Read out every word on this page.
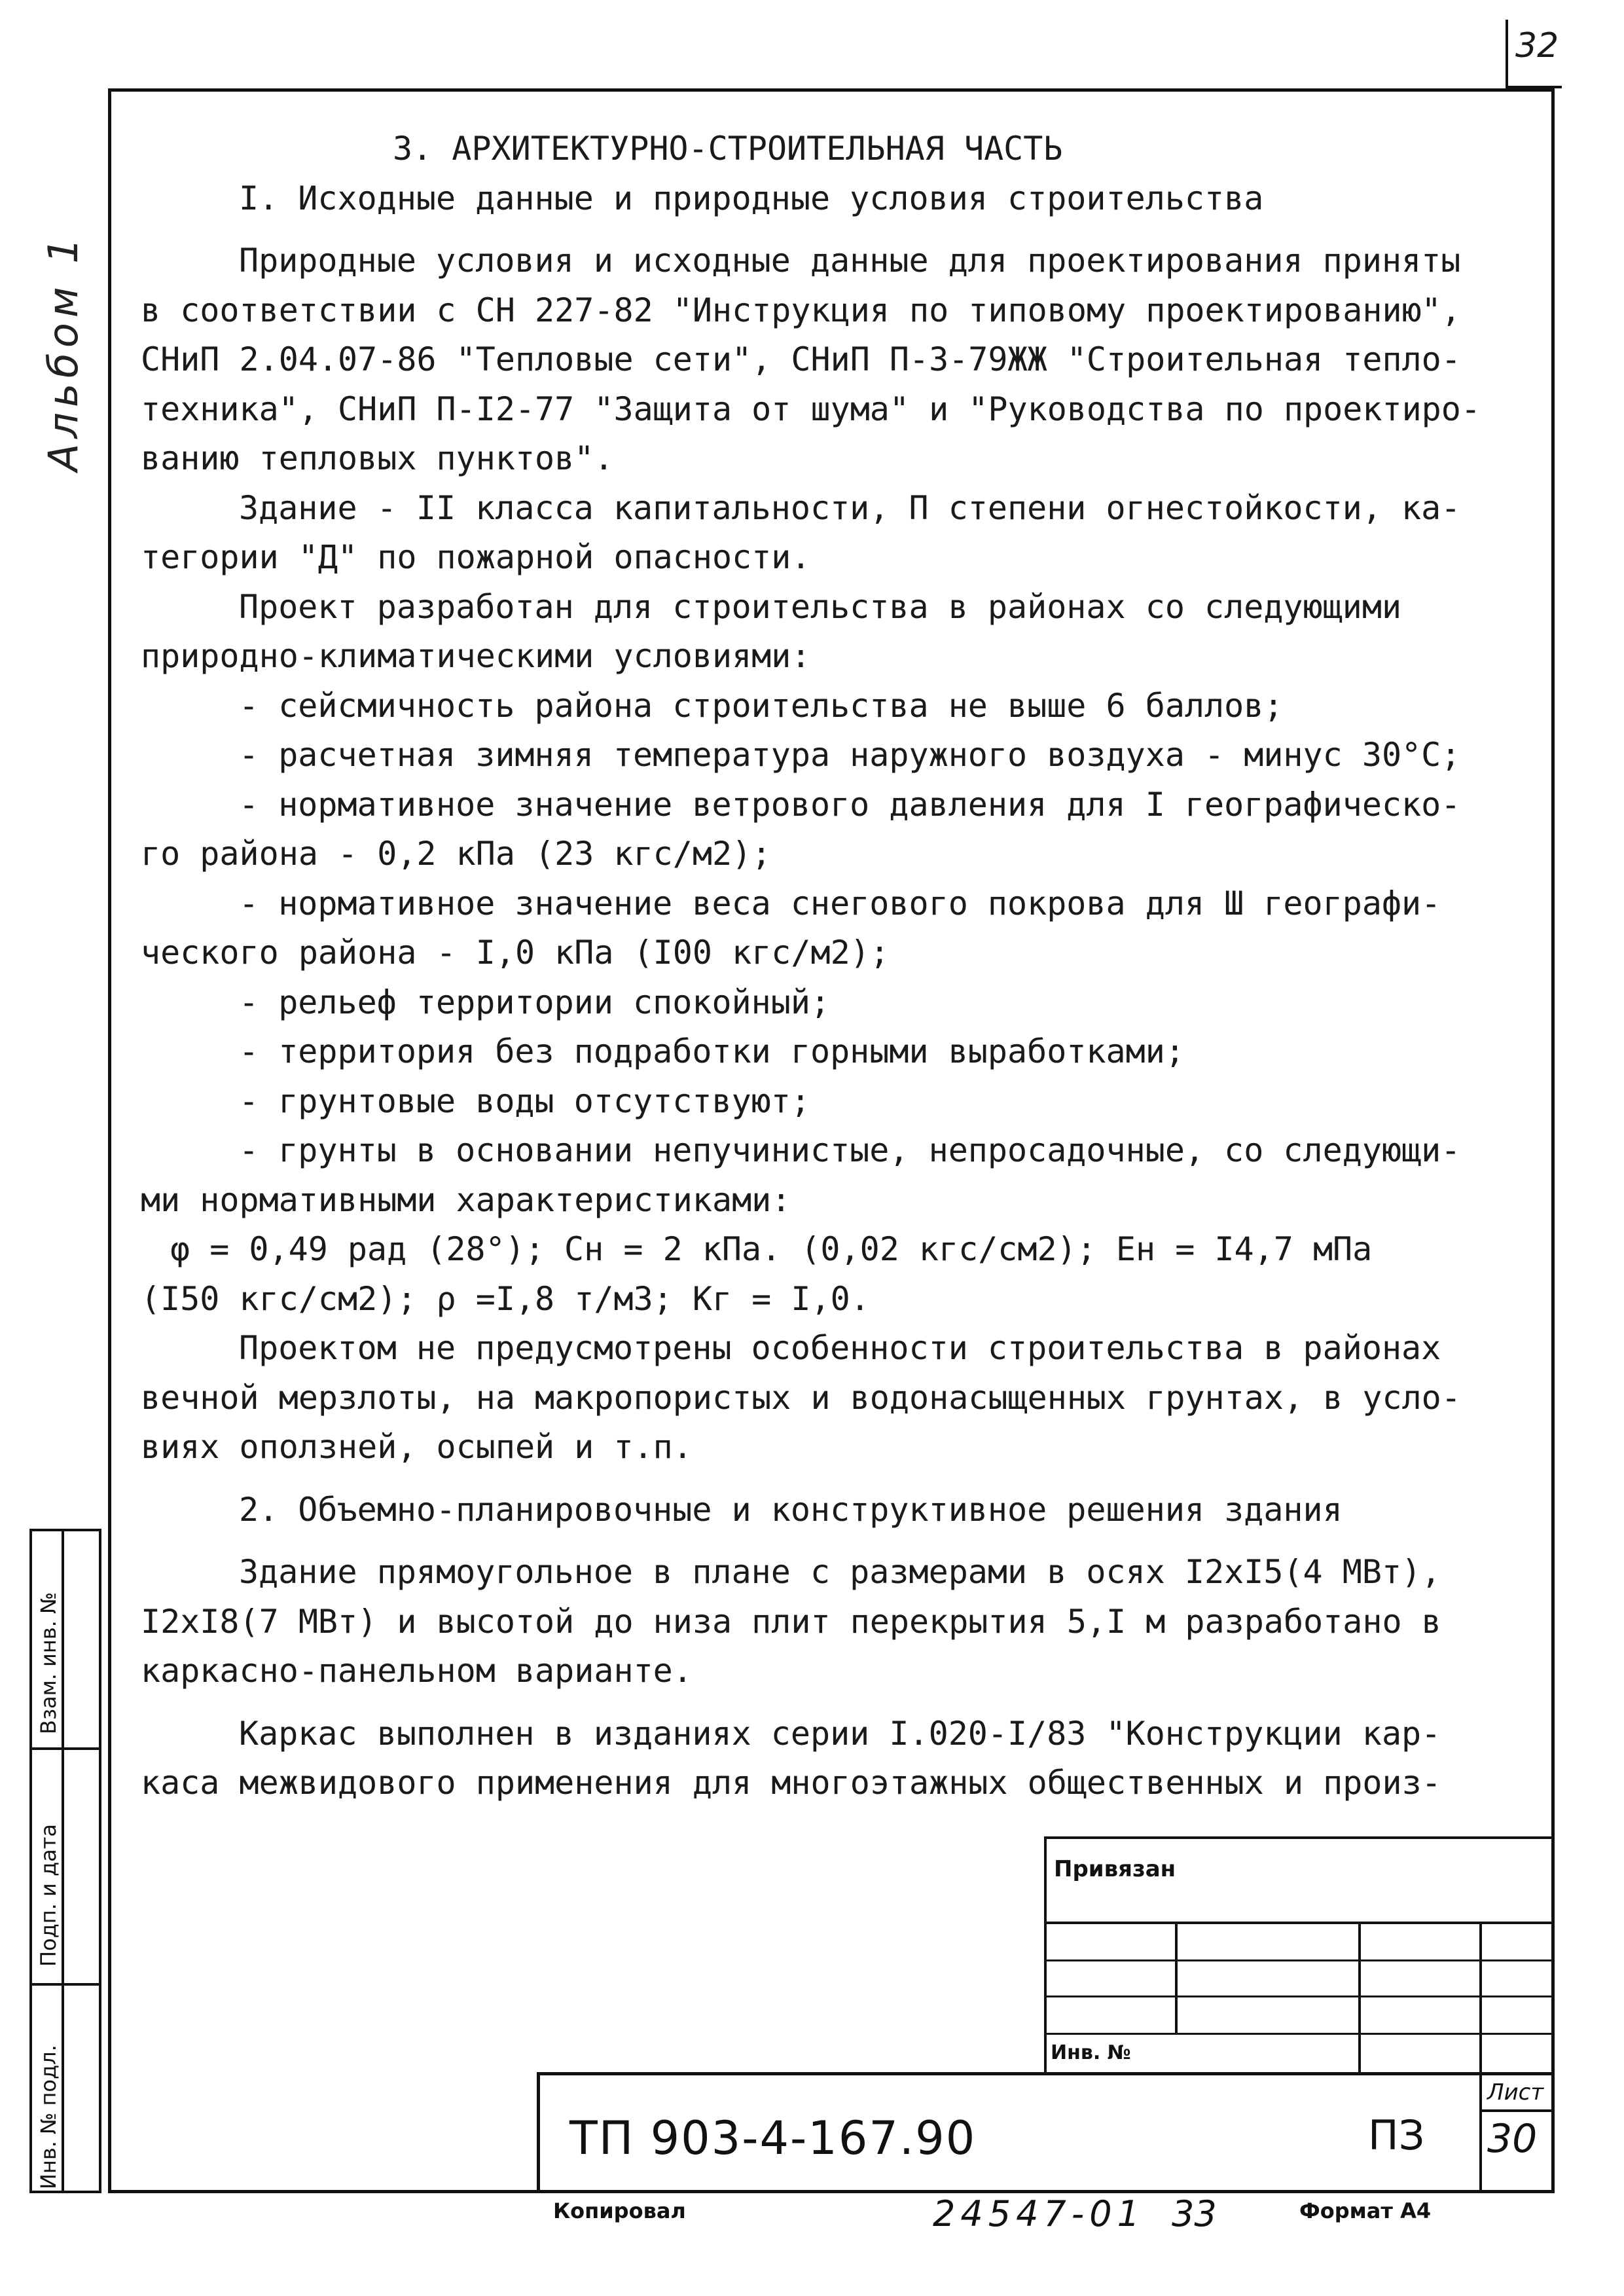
32
Альбом 1
Взам. инв. №
Подп. и дата
Инв. № подл.

3. АРХИТЕКТУРНО-СТРОИТЕЛЬНАЯ ЧАСТЬ

I. Исходные данные и природные условия строительства

Природные условия и исходные данные для проектирования приняты

в соответствии с СН 227-82 "Инструкция по типовому проектированию",

СНиП 2.04.07-86 "Тепловые сети", СНиП П-3-79ЖЖ "Строительная тепло-

техника", СНиП П-I2-77 "Защита от шума" и "Руководства по проектиро-

ванию тепловых пунктов".

Здание - II класса капитальности, П степени огнестойкости, ка-

тегории "Д" по пожарной опасности.

Проект разработан для строительства в районах со следующими

природно-климатическими условиями:

- сейсмичность района строительства не выше 6 баллов;

- расчетная зимняя температура наружного воздуха - минус 30°С;

- нормативное значение ветрового давления для I географическо-

го района - 0,2 кПа (23 кгс/м2);

- нормативное значение веса снегового покрова для Ш географи-

ческого района - I,0 кПа (I00 кгс/м2);

- рельеф территории спокойный;

- территория без подработки горными выработками;

- грунтовые воды отсутствуют;

- грунты в основании непучинистые, непросадочные, со следующи-

ми нормативными характеристиками:

φ = 0,49 рад (28°); Сн = 2 кПа. (0,02 кгс/см2); Ен = I4,7 мПа

(I50 кгс/см2); ρ =I,8 т/м3; Кг = I,0.

Проектом не предусмотрены особенности строительства в районах

вечной мерзлоты, на макропористых и водонасыщенных грунтах, в усло-

виях оползней, осыпей и т.п.

2. Объемно-планировочные и конструктивное решения здания

Здание прямоугольное в плане с размерами в осях I2хI5(4 МВт),

I2хI8(7 МВт) и высотой до низа плит перекрытия 5,I м разработано в

каркасно-панельном варианте.

Каркас выполнен в изданиях серии I.020-I/83 "Конструкции кар-

каса межвидового применения для многоэтажных общественных и произ-

Привязан
Инв. №
ТП 903-4-167.90	ПЗ
Лист
30
Копировал	24547-01 33	Формат А4
